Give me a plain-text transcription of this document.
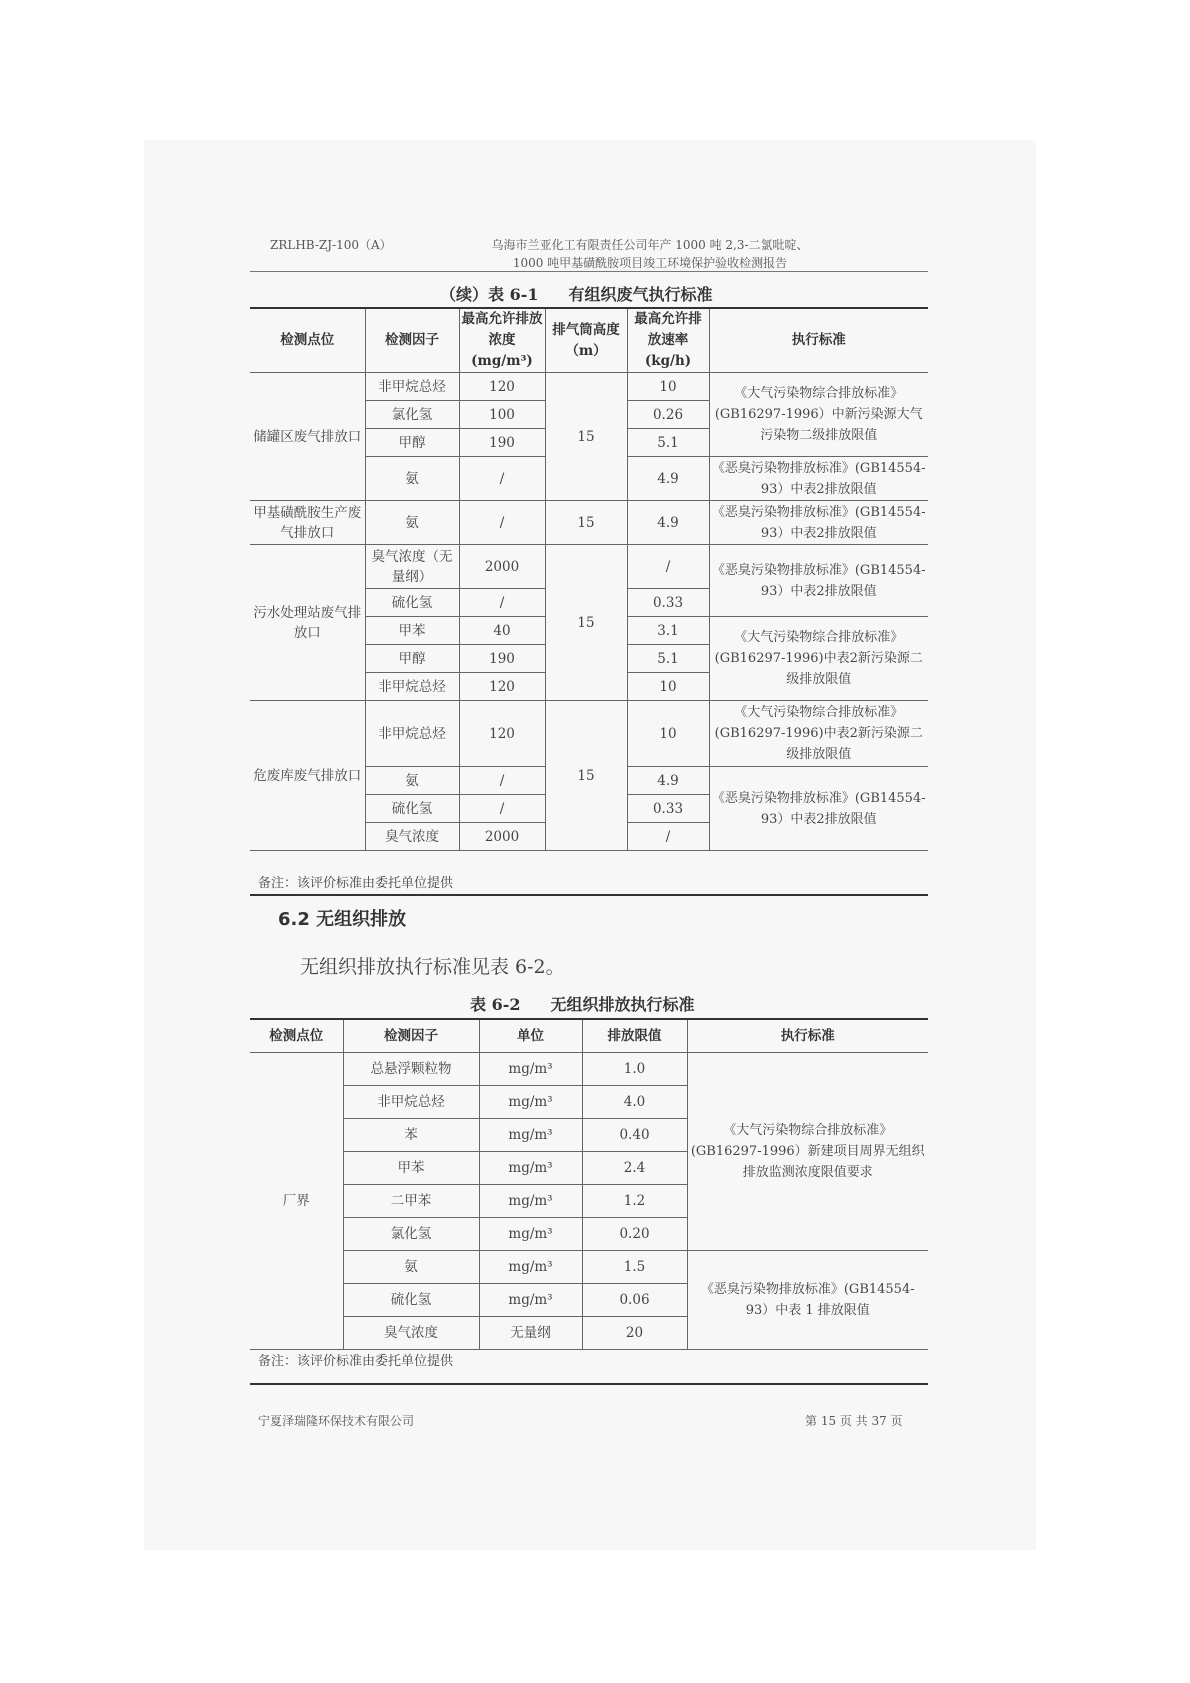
ZRLHB-ZJ-100（A）	乌海市兰亚化工有限责任公司年产 1000 吨 2,3-二氯吡啶、
1000 吨甲基磺酰胺项目竣工环境保护验收检测报告
（续）表 6-1 有组织废气执行标准
检测点位	检测因子	最高允许排放浓度(mg/m³)	排气筒高度（m）	最高允许排放速率(kg/h)	执行标准
储罐区废气排放口	非甲烷总烃	120	15	10	《大气污染物综合排放标准》(GB16297-1996）中新污染源大气污染物二级排放限值
	氯化氢	100		0.26	
	甲醇	190		5.1	
	氨	/		4.9	《恶臭污染物排放标准》(GB14554-93）中表2排放限值
甲基磺酰胺生产废气排放口	氨	/	15	4.9	《恶臭污染物排放标准》(GB14554-93）中表2排放限值
污水处理站废气排放口	臭气浓度（无量纲）	2000	15	/	《恶臭污染物排放标准》(GB14554-93）中表2排放限值
	硫化氢	/		0.33	
	甲苯	40		3.1	《大气污染物综合排放标准》(GB16297-1996)中表2新污染源二级排放限值
	甲醇	190		5.1	
	非甲烷总烃	120		10	
危废库废气排放口	非甲烷总烃	120	15	10	《大气污染物综合排放标准》(GB16297-1996)中表2新污染源二级排放限值
	氨	/		4.9	《恶臭污染物排放标准》(GB14554-93）中表2排放限值
	硫化氢	/		0.33	
	臭气浓度	2000		/	
备注：该评价标准由委托单位提供
6.2 无组织排放
无组织排放执行标准见表 6-2。
表 6-2 无组织排放执行标准
检测点位	检测因子	单位	排放限值	执行标准
厂界	总悬浮颗粒物	mg/m³	1.0	《大气污染物综合排放标准》(GB16297-1996）新建项目周界无组织排放监测浓度限值要求
	非甲烷总烃	mg/m³	4.0	
	苯	mg/m³	0.40	
	甲苯	mg/m³	2.4	
	二甲苯	mg/m³	1.2	
	氯化氢	mg/m³	0.20	
	氨	mg/m³	1.5	《恶臭污染物排放标准》(GB14554-93）中表 1 排放限值
	硫化氢	mg/m³	0.06	
	臭气浓度	无量纲	20	
备注：该评价标准由委托单位提供
宁夏泽瑞隆环保技术有限公司	第 15 页 共 37 页
